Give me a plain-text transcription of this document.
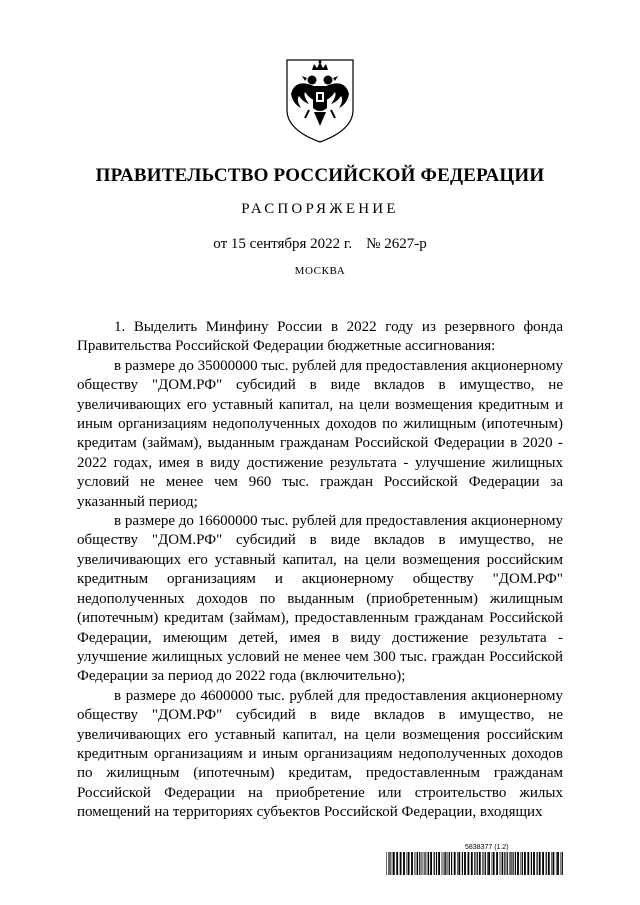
ПРАВИТЕЛЬСТВО РОССИЙСКОЙ ФЕДЕРАЦИИ
РАСПОРЯЖЕНИЕ
от 15 сентября 2022 г. № 2627-р
МОСКВА

1. Выделить Минфину России в 2022 году из резервного фонда Правительства Российской Федерации бюджетные ассигнования:

в размере до 35000000 тыс. рублей для предоставления акционерному обществу "ДОМ.РФ" субсидий в виде вкладов в имущество, не увеличивающих его уставный капитал, на цели возмещения кредитным и иным организациям недополученных доходов по жилищным (ипотечным) кредитам (займам), выданным гражданам Российской Федерации в 2020 - 2022 годах, имея в виду достижение результата - улучшение жилищных условий не менее чем 960 тыс. граждан Российской Федерации за указанный период;

в размере до 16600000 тыс. рублей для предоставления акционерному обществу "ДОМ.РФ" субсидий в виде вкладов в имущество, не увеличивающих его уставный капитал, на цели возмещения российским кредитным организациям и акционерному обществу "ДОМ.РФ" недополученных доходов по выданным (приобретенным) жилищным (ипотечным) кредитам (займам), предоставленным гражданам Российской Федерации, имеющим детей, имея в виду достижение результата - улучшение жилищных условий не менее чем 300 тыс. граждан Российской Федерации за период до 2022 года (включительно);

в размере до 4600000 тыс. рублей для предоставления акционерному обществу "ДОМ.РФ" субсидий в виде вкладов в имущество, не увеличивающих его уставный капитал, на цели возмещения российским кредитным организациям и иным организациям недополученных доходов по жилищным (ипотечным) кредитам, предоставленным гражданам Российской Федерации на приобретение или строительство жилых помещений на территориях субъектов Российской Федерации, входящих

5838377 (1.2)
